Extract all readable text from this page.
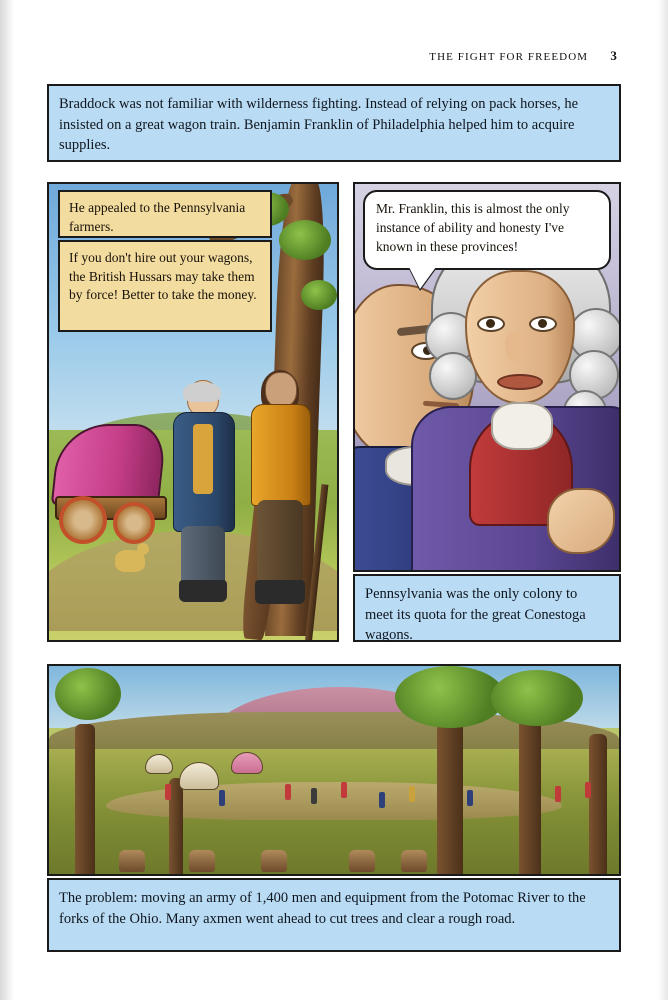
THE FIGHT FOR FREEDOM 3
Braddock was not familiar with wilderness fighting. Instead of relying on pack horses, he insisted on a great wagon train. Benjamin Franklin of Philadelphia helped him to acquire supplies.
He appealed to the Pennsylvania farmers.
If you don't hire out your wagons, the British Hussars may take them by force! Better to take the money.
Mr. Franklin, this is almost the only instance of ability and honesty I've known in these provinces!
Pennsylvania was the only colony to meet its quota for the great Conestoga wagons.
The problem: moving an army of 1,400 men and equipment from the Potomac River to the forks of the Ohio. Many axmen went ahead to cut trees and clear a rough road.
